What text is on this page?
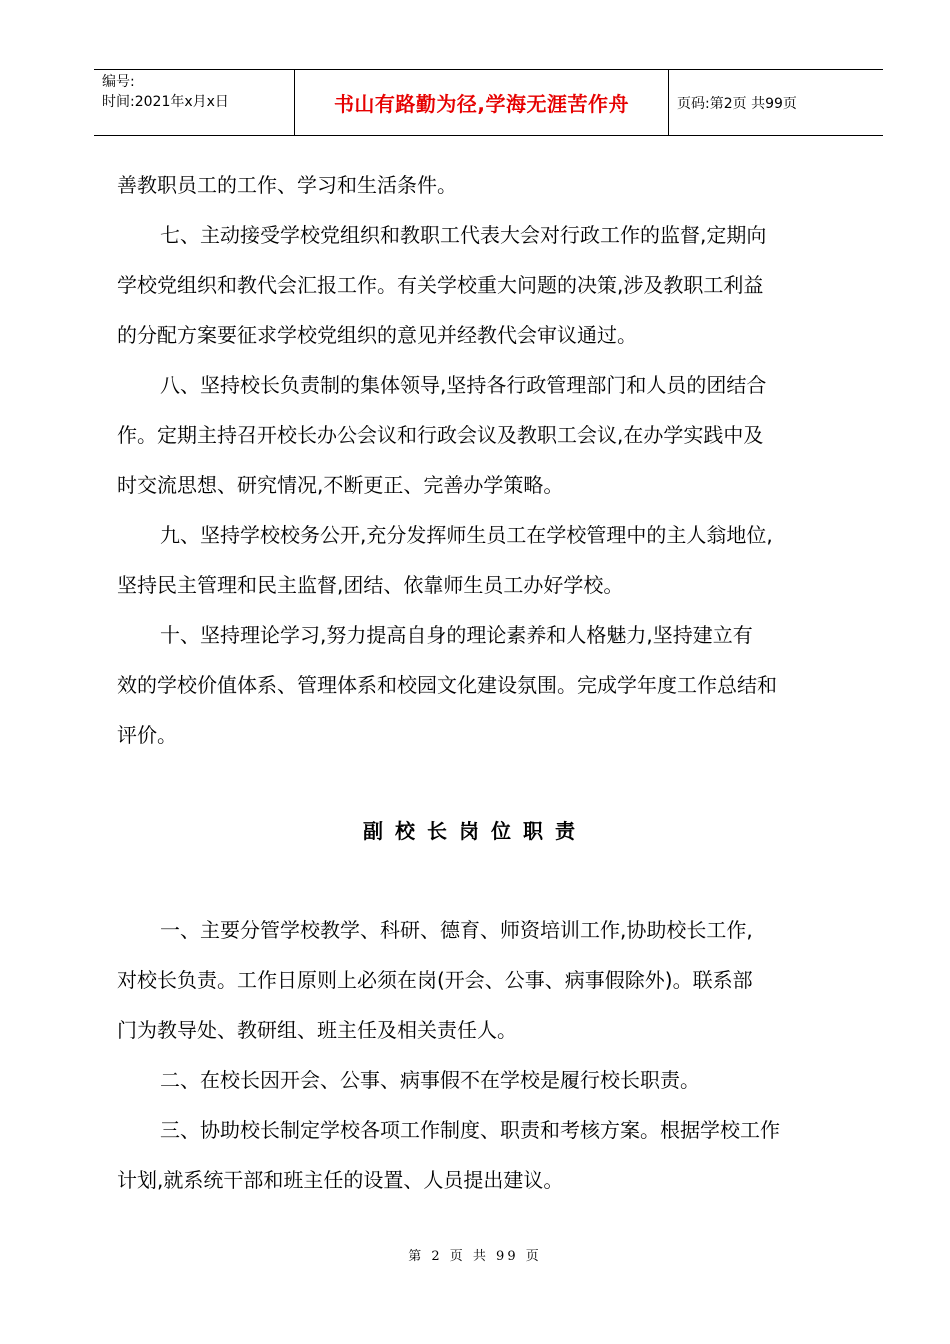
编号:
时间:2021年x月x日	书山有路勤为径,学海无涯苦作舟	页码:第2页 共99页
善教职员工的工作、学习和生活条件。
七、主动接受学校党组织和教职工代表大会对行政工作的监督,定期向
学校党组织和教代会汇报工作。有关学校重大问题的决策,涉及教职工利益
的分配方案要征求学校党组织的意见并经教代会审议通过。
八、坚持校长负责制的集体领导,坚持各行政管理部门和人员的团结合
作。定期主持召开校长办公会议和行政会议及教职工会议,在办学实践中及
时交流思想、研究情况,不断更正、完善办学策略。
九、坚持学校校务公开,充分发挥师生员工在学校管理中的主人翁地位,
坚持民主管理和民主监督,团结、依靠师生员工办好学校。
十、坚持理论学习,努力提高自身的理论素养和人格魅力,坚持建立有
效的学校价值体系、管理体系和校园文化建设氛围。完成学年度工作总结和
评价。
副校长岗位职责
一、主要分管学校教学、科研、德育、师资培训工作,协助校长工作,
对校长负责。工作日原则上必须在岗(开会、公事、病事假除外)。联系部
门为教导处、教研组、班主任及相关责任人。
二、在校长因开会、公事、病事假不在学校是履行校长职责。
三、协助校长制定学校各项工作制度、职责和考核方案。根据学校工作
计划,就系统干部和班主任的设置、人员提出建议。
第 2 页 共 99 页
